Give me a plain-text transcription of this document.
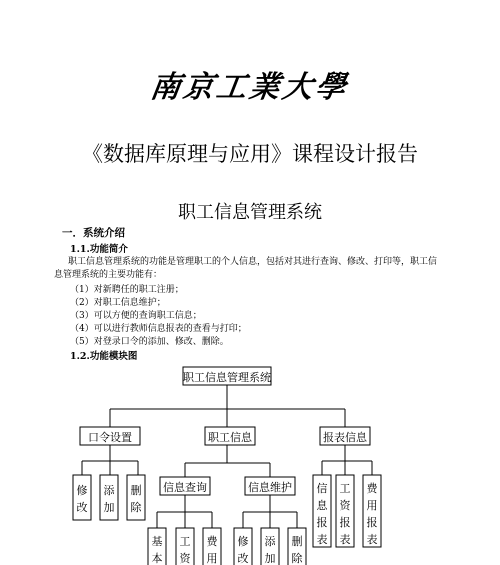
南京工業大學
《数据库原理与应用》课程设计报告
职工信息管理系统
一．系统介绍
1.1.功能简介
职工信息管理系统的功能是管理职工的个人信息，包括对其进行查询、修改、打印等，职工信息管理系统的主要功能有：
（1）对新聘任的职工注册；
（2）对职工信息维护；
（3）可以方便的查询职工信息；
（4）可以进行教师信息报表的查看与打印；
（5）对登录口令的添加、修改、删除。
1.2.功能模块图
职工信息管理系统
口令设置	职工信息	报表信息
信息查询	信息维护
修改
添加
删除
基本
工资
费用
修改
添加
删除
信息报表
工资报表
费用报表
